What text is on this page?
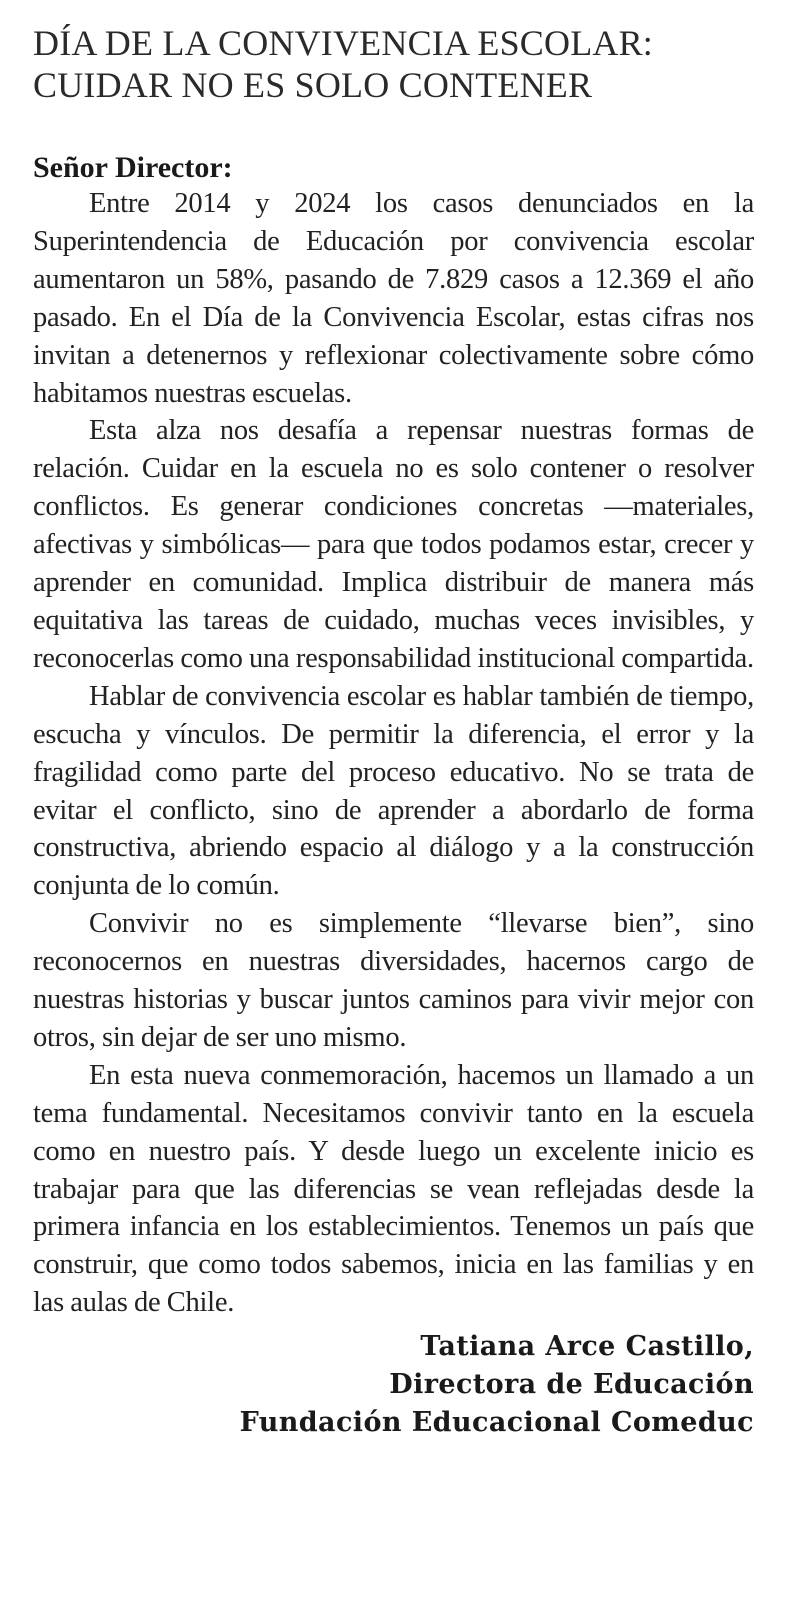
DÍA DE LA CONVIVENCIA ESCOLAR:
CUIDAR NO ES SOLO CONTENER

Señor Director:

Entre 2014 y 2024 los casos denunciados en la Superintendencia de Educación por convivencia escolar aumentaron un 58%, pasando de 7.829 casos a 12.369 el año pasado. En el Día de la Convivencia Escolar, estas cifras nos invitan a detenernos y reflexionar colectivamente sobre cómo habitamos nuestras escuelas.

Esta alza nos desafía a repensar nuestras formas de relación. Cuidar en la escuela no es solo contener o resolver conflictos. Es generar condiciones concretas —materiales, afectivas y simbólicas— para que todos podamos estar, crecer y aprender en comunidad. Implica distribuir de manera más equitativa las tareas de cuidado, muchas veces invisibles, y reconocerlas como una responsabilidad institucional compartida.

Hablar de convivencia escolar es hablar también de tiempo, escucha y vínculos. De permitir la diferencia, el error y la fragilidad como parte del proceso educativo. No se trata de evitar el conflicto, sino de aprender a abordarlo de forma constructiva, abriendo espacio al diálogo y a la construcción conjunta de lo común.

Convivir no es simplemente “llevarse bien”, sino reconocernos en nuestras diversidades, hacernos cargo de nuestras historias y buscar juntos caminos para vivir mejor con otros, sin dejar de ser uno mismo.

En esta nueva conmemoración, hacemos un llamado a un tema fundamental. Necesitamos convivir tanto en la escuela como en nuestro país. Y desde luego un excelente inicio es trabajar para que las diferencias se vean reflejadas desde la primera infancia en los establecimientos. Tenemos un país que construir, que como todos sabemos, inicia en las familias y en las aulas de Chile.

Tatiana Arce Castillo,
Directora de Educación
Fundación Educacional Comeduc
